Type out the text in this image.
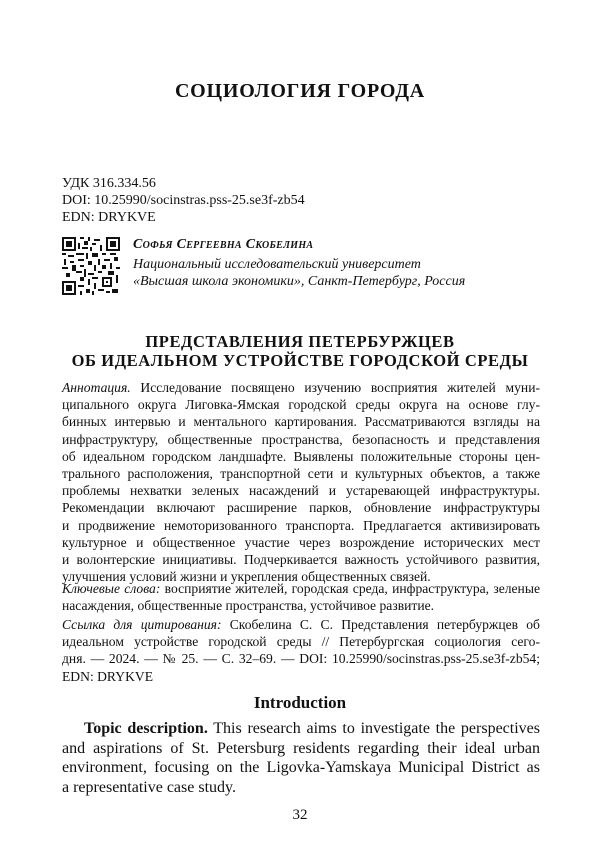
СОЦИОЛОГИЯ ГОРОДА
УДК 316.334.56
DOI: 10.25990/socinstras.pss-25.se3f-zb54
EDN: DRYKVE
Софья Сергеевна Скобелина
Национальный исследовательский университет
«Высшая школа экономики», Санкт-Петербург, Россия
ПРЕДСТАВЛЕНИЯ ПЕТЕРБУРЖЦЕВ
ОБ ИДЕАЛЬНОМ УСТРОЙСТВЕ ГОРОДСКОЙ СРЕДЫ
Аннотация. Исследование посвящено изучению восприятия жителей муни-
ципального округа Лиговка-Ямская городской среды округа на основе глу-
бинных интервью и ментального картирования. Рассматриваются взгляды на
инфраструктуру, общественные пространства, безопасность и представления
об идеальном городском ландшафте. Выявлены положительные стороны цен-
трального расположения, транспортной сети и культурных объектов, а также
проблемы нехватки зеленых насаждений и устаревающей инфраструктуры.
Рекомендации включают расширение парков, обновление инфраструктуры
и продвижение немоторизованного транспорта. Предлагается активизировать
культурное и общественное участие через возрождение исторических мест
и волонтерские инициативы. Подчеркивается важность устойчивого развития,
улучшения условий жизни и укрепления общественных связей.
Ключевые слова: восприятие жителей, городская среда, инфраструктура, зеленые
насаждения, общественные пространства, устойчивое развитие.
Ссылка для цитирования: Скобелина С. С. Представления петербуржцев об
идеальном устройстве городской среды // Петербургская социология сего-
дня. — 2024. — № 25. — С. 32–69. — DOI: 10.25990/socinstras.pss-25.se3f-zb54;
EDN: DRYKVE
Introduction
Topic description. This research aims to investigate the perspectives
and aspirations of St. Petersburg residents regarding their ideal urban
environment, focusing on the Ligovka-Yamskaya Municipal District as
a representative case study.
32
